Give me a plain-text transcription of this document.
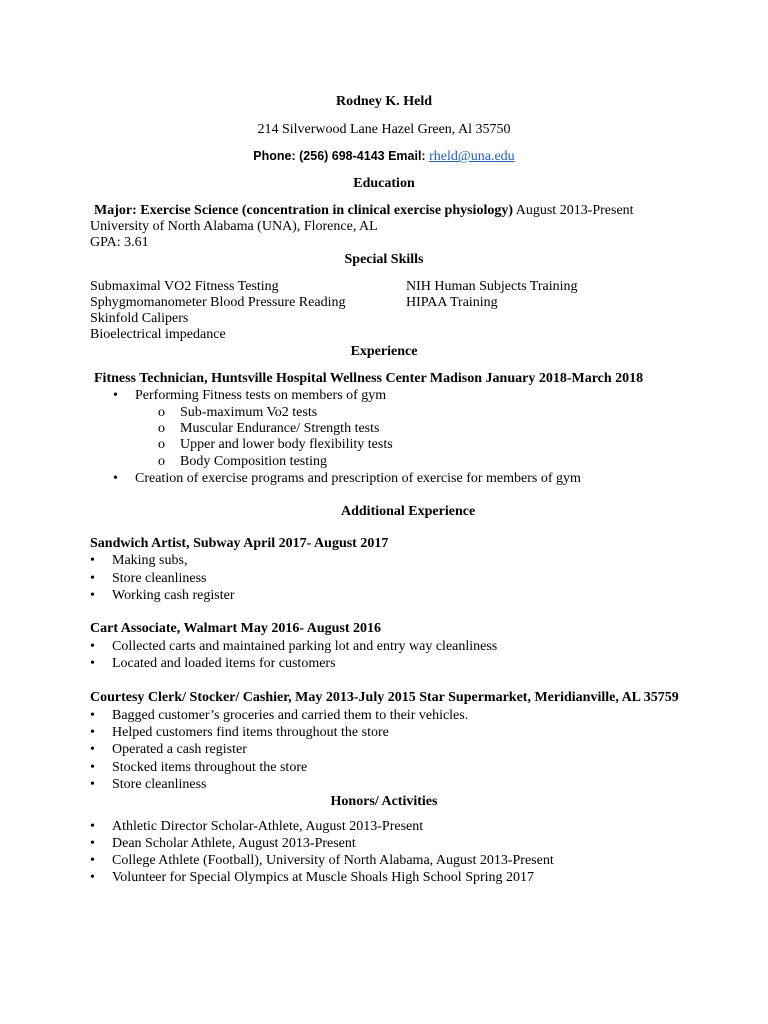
Rodney K. Held
214 Silverwood Lane Hazel Green, Al 35750
Phone: (256) 698-4143 Email: rheld@una.edu
Education
Major: Exercise Science (concentration in clinical exercise physiology) August 2013-Present
University of North Alabama (UNA), Florence, AL
GPA: 3.61
Special Skills
Submaximal VO2 Fitness Testing
Sphygmomanometer Blood Pressure Reading
Skinfold Calipers
Bioelectrical impedance
NIH Human Subjects Training
HIPAA Training
Experience
Fitness Technician, Huntsville Hospital Wellness Center Madison January 2018-March 2018
• Performing Fitness tests on members of gym
o Sub-maximum Vo2 tests
o Muscular Endurance/ Strength tests
o Upper and lower body flexibility tests
o Body Composition testing
• Creation of exercise programs and prescription of exercise for members of gym
Additional Experience
Sandwich Artist, Subway April 2017- August 2017
• Making subs,
• Store cleanliness
• Working cash register
Cart Associate, Walmart May 2016- August 2016
• Collected carts and maintained parking lot and entry way cleanliness
• Located and loaded items for customers
Courtesy Clerk/ Stocker/ Cashier, May 2013-July 2015 Star Supermarket, Meridianville, AL 35759
• Bagged customer’s groceries and carried them to their vehicles.
• Helped customers find items throughout the store
• Operated a cash register
• Stocked items throughout the store
• Store cleanliness
Honors/ Activities
• Athletic Director Scholar-Athlete, August 2013-Present
• Dean Scholar Athlete, August 2013-Present
• College Athlete (Football), University of North Alabama, August 2013-Present
• Volunteer for Special Olympics at Muscle Shoals High School Spring 2017
